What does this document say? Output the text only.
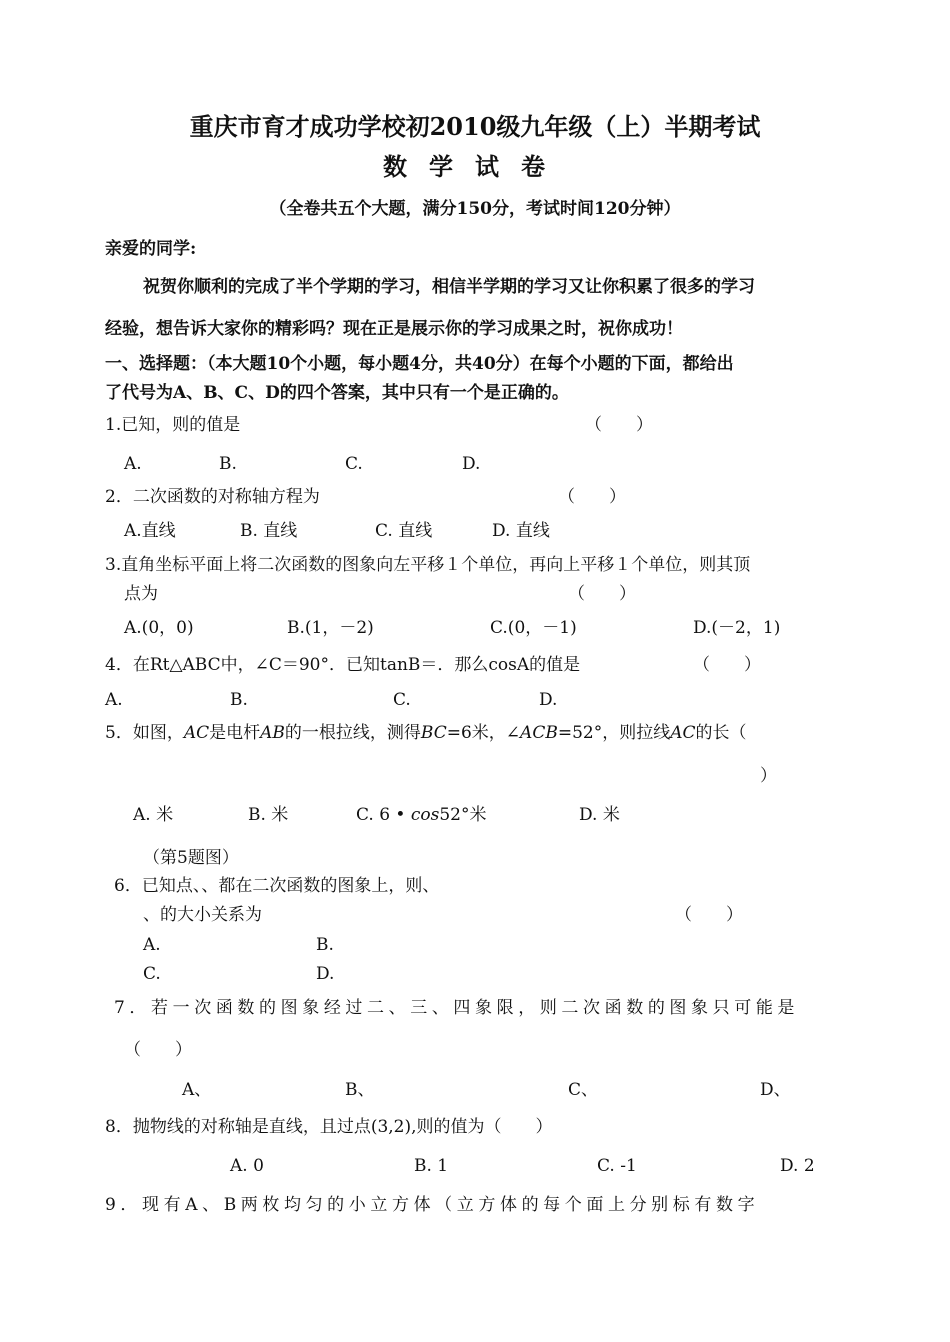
重庆市育才成功学校初2010级九年级（上）半期考试
数学试卷
（全卷共五个大题，满分150分，考试时间120分钟）
亲爱的同学:
祝贺你顺利的完成了半个学期的学习，相信半学期的学习又让你积累了很多的学习
经验，想告诉大家你的精彩吗？现在正是展示你的学习成果之时，祝你成功！
一、选择题：（本大题10个小题，每小题4分，共40分）在每个小题的下面，都给出
了代号为A、B、C、D的四个答案，其中只有一个是正确的。
1.已知，则的值是	（　　）
A.	B.	C.	D.
2．二次函数的对称轴方程为	（　　）
A.直线	B. 直线	C. 直线	D. 直线
3.直角坐标平面上将二次函数的图象向左平移１个单位，再向上平移１个单位，则其顶
点为	（　　）
A.(0，0)	B.(1，－2)	C.(0，－1)	D.(－2，1)
4．在Rt△ABC中，∠C＝90°．已知tanB＝．那么cosA的值是	（　　）
A.	B.	C.	D.
5．如图，AC是电杆AB的一根拉线，测得BC=6米，∠ACB=52°，则拉线AC的长（
）
A. 米	B. 米	C. 6 • cos52°米	D. 米
（第5题图）
6．已知点、、都在二次函数的图象上，则、
、的大小关系为	（　　）
A.	B.
C.	D.
7．若一次函数的图象经过二、三、四象限，则二次函数的图象只可能是
（　　）
A、	B、	C、	D、
8．抛物线的对称轴是直线，且过点(3,2),则的值为（　　）
A. 0	B. 1	C. -1	D. 2
9．现有A、B两枚均匀的小立方体（立方体的每个面上分别标有数字
